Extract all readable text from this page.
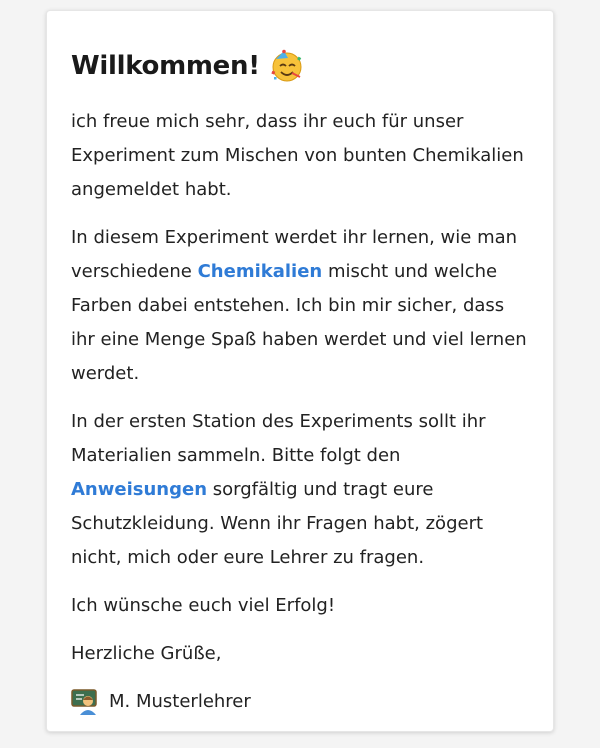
Willkommen!

ich freue mich sehr, dass ihr euch für unser Experiment zum Mischen von bunten Chemikalien angemeldet habt.

In diesem Experiment werdet ihr lernen, wie man verschiedene Chemikalien mischt und welche Farben dabei entstehen. Ich bin mir sicher, dass ihr eine Menge Spaß haben werdet und viel lernen werdet.

In der ersten Station des Experiments sollt ihr Materialien sammeln. Bitte folgt den Anweisungen sorgfältig und tragt eure Schutzkleidung. Wenn ihr Fragen habt, zögert nicht, mich oder eure Lehrer zu fragen.

Ich wünsche euch viel Erfolg!

Herzliche Grüße,

M. Musterlehrer
